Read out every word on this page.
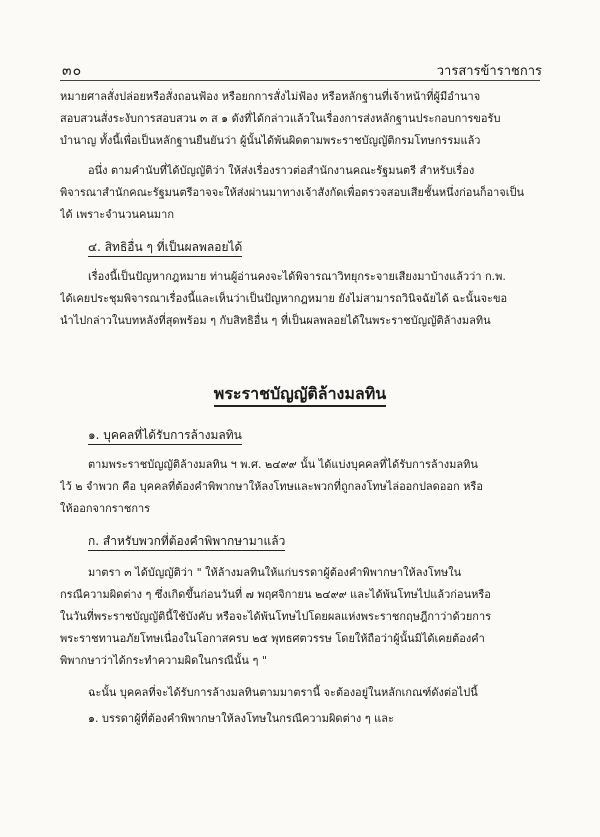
๓๐	วารสารข้าราชการ
หมายศาลสั่งปล่อยหรือสั่งถอนฟ้อง หรือยกการสั่งไม่ฟ้อง หรือหลักฐานที่เจ้าหน้าที่ผู้มีอำนาจ
สอบสวนสั่งระงับการสอบสวน ๓ ส ๑ ดังที่ได้กล่าวแล้วในเรื่องการส่งหลักฐานประกอบการขอรับ
บำนาญ ทั้งนี้เพื่อเป็นหลักฐานยืนยันว่า ผู้นั้นได้พ้นผิดตามพระราชบัญญัติกรมโทษกรรมแล้ว
อนึ่ง ตามคำนับที่ได้บัญญัติว่า ให้ส่งเรื่องราวต่อสำนักงานคณะรัฐมนตรี สำหรับเรื่อง
พิจารณาสำนักคณะรัฐมนตรีอาจจะให้ส่งผ่านมาทางเจ้าสังกัดเพื่อตรวจสอบเสียชั้นหนึ่งก่อนก็อาจเป็น
ได้ เพราะจำนวนคนมาก
๔. สิทธิอื่น ๆ ที่เป็นผลพลอยได้
เรื่องนี้เป็นปัญหากฎหมาย ท่านผู้อ่านคงจะได้พิจารณาวิทยุกระจายเสียงมาบ้างแล้วว่า ก.พ.
ได้เคยประชุมพิจารณาเรื่องนี้และเห็นว่าเป็นปัญหากฎหมาย ยังไม่สามารถวินิจฉัยได้ ฉะนั้นจะขอ
นำไปกล่าวในบทหลังที่สุดพร้อม ๆ กับสิทธิอื่น ๆ ที่เป็นผลพลอยได้ในพระราชบัญญัติล้างมลทิน
พระราชบัญญัติล้างมลทิน
๑. บุคคลที่ได้รับการล้างมลทิน
ตามพระราชบัญญัติล้างมลทิน ฯ พ.ศ. ๒๔๙๙ นั้น ได้แบ่งบุคคลที่ได้รับการล้างมลทิน
ไว้ ๒ จำพวก คือ บุคคลที่ต้องคำพิพากษาให้ลงโทษและพวกที่ถูกลงโทษไล่ออกปลดออก หรือ
ให้ออกจากราชการ
ก. สำหรับพวกที่ต้องคำพิพากษามาแล้ว
มาตรา ๓ ได้บัญญัติว่า " ให้ล้างมลทินให้แก่บรรดาผู้ต้องคำพิพากษาให้ลงโทษใน
กรณีความผิดต่าง ๆ ซึ่งเกิดขึ้นก่อนวันที่ ๗ พฤศจิกายน ๒๔๙๙ และได้พ้นโทษไปแล้วก่อนหรือ
ในวันที่พระราชบัญญัตินี้ใช้บังคับ หรือจะได้พ้นโทษไปโดยผลแห่งพระราชกฤษฎีกาว่าด้วยการ
พระราชทานอภัยโทษเนื่องในโอกาสครบ ๒๕ พุทธศตวรรษ โดยให้ถือว่าผู้นั้นมิได้เคยต้องคำ
พิพากษาว่าได้กระทำความผิดในกรณีนั้น ๆ "
ฉะนั้น บุคคลที่จะได้รับการล้างมลทินตามมาตรานี้ จะต้องอยู่ในหลักเกณฑ์ดังต่อไปนี้
๑. บรรดาผู้ที่ต้องคำพิพากษาให้ลงโทษในกรณีความผิดต่าง ๆ และ
